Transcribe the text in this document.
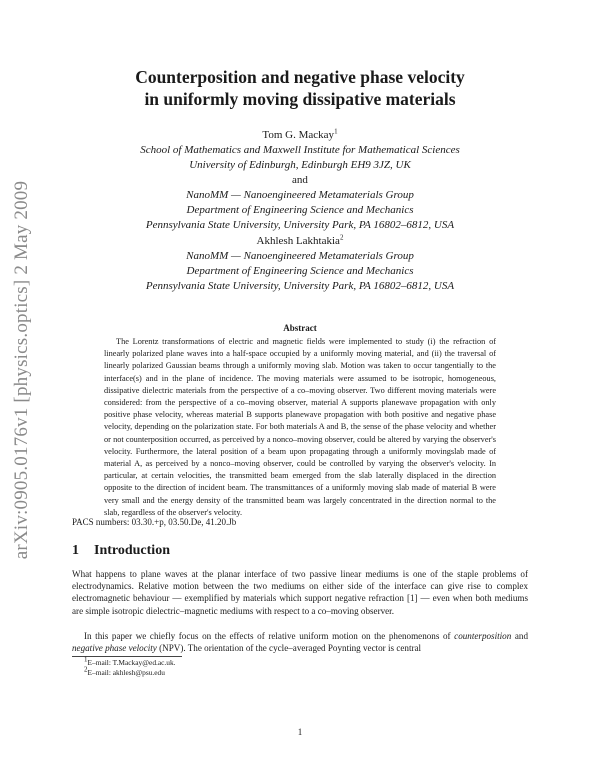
arXiv:0905.0176v1 [physics.optics] 2 May 2009
Counterposition and negative phase velocity
in uniformly moving dissipative materials
Tom G. Mackay$^1$
School of Mathematics and Maxwell Institute for Mathematical Sciences
University of Edinburgh, Edinburgh EH9 3JZ, UK
and
NanoMM — Nanoengineered Metamaterials Group
Department of Engineering Science and Mechanics
Pennsylvania State University, University Park, PA 16802–6812, USA
Akhlesh Lakhtakia$^2$
NanoMM — Nanoengineered Metamaterials Group
Department of Engineering Science and Mechanics
Pennsylvania State University, University Park, PA 16802–6812, USA
Abstract

The Lorentz transformations of electric and magnetic fields were implemented to study (i) the refraction of linearly polarized plane waves into a half-space occupied by a uniformly moving material, and (ii) the traversal of linearly polarized Gaussian beams through a uniformly moving slab. Motion was taken to occur tangentially to the interface(s) and in the plane of incidence. The moving materials were assumed to be isotropic, homogeneous, dissipative dielectric materials from the perspective of a co–moving observer. Two different moving materials were considered: from the perspective of a co–moving observer, material A supports planewave propagation with only positive phase velocity, whereas material B supports planewave propagation with both positive and negative phase velocity, depending on the polarization state. For both materials A and B, the sense of the phase velocity and whether or not counterposition occurred, as perceived by a nonco–moving observer, could be altered by varying the observer's velocity. Furthermore, the lateral position of a beam upon propagating through a uniformly movingslab made of material A, as perceived by a nonco–moving observer, could be controlled by varying the observer's velocity. In particular, at certain velocities, the transmitted beam emerged from the slab laterally displaced in the direction opposite to the direction of incident beam. The transmittances of a uniformly moving slab made of material B were very small and the energy density of the transmitted beam was largely concentrated in the direction normal to the slab, regardless of the observer's velocity.

PACS numbers: 03.30.+p, 03.50.De, 41.20.Jb
1 Introduction

What happens to plane waves at the planar interface of two passive linear mediums is one of the staple problems of electrodynamics. Relative motion between the two mediums on either side of the interface can give rise to complex electromagnetic behaviour — exemplified by materials which support negative refraction [1] — even when both mediums are simple isotropic dielectric–magnetic mediums with respect to a co–moving observer.

In this paper we chiefly focus on the effects of relative uniform motion on the phenomenons of counterposition and negative phase velocity (NPV). The orientation of the cycle–averaged Poynting vector is central

$^1$E–mail: T.Mackay@ed.ac.uk.
$^2$E–mail: akhlesh@psu.edu
1
